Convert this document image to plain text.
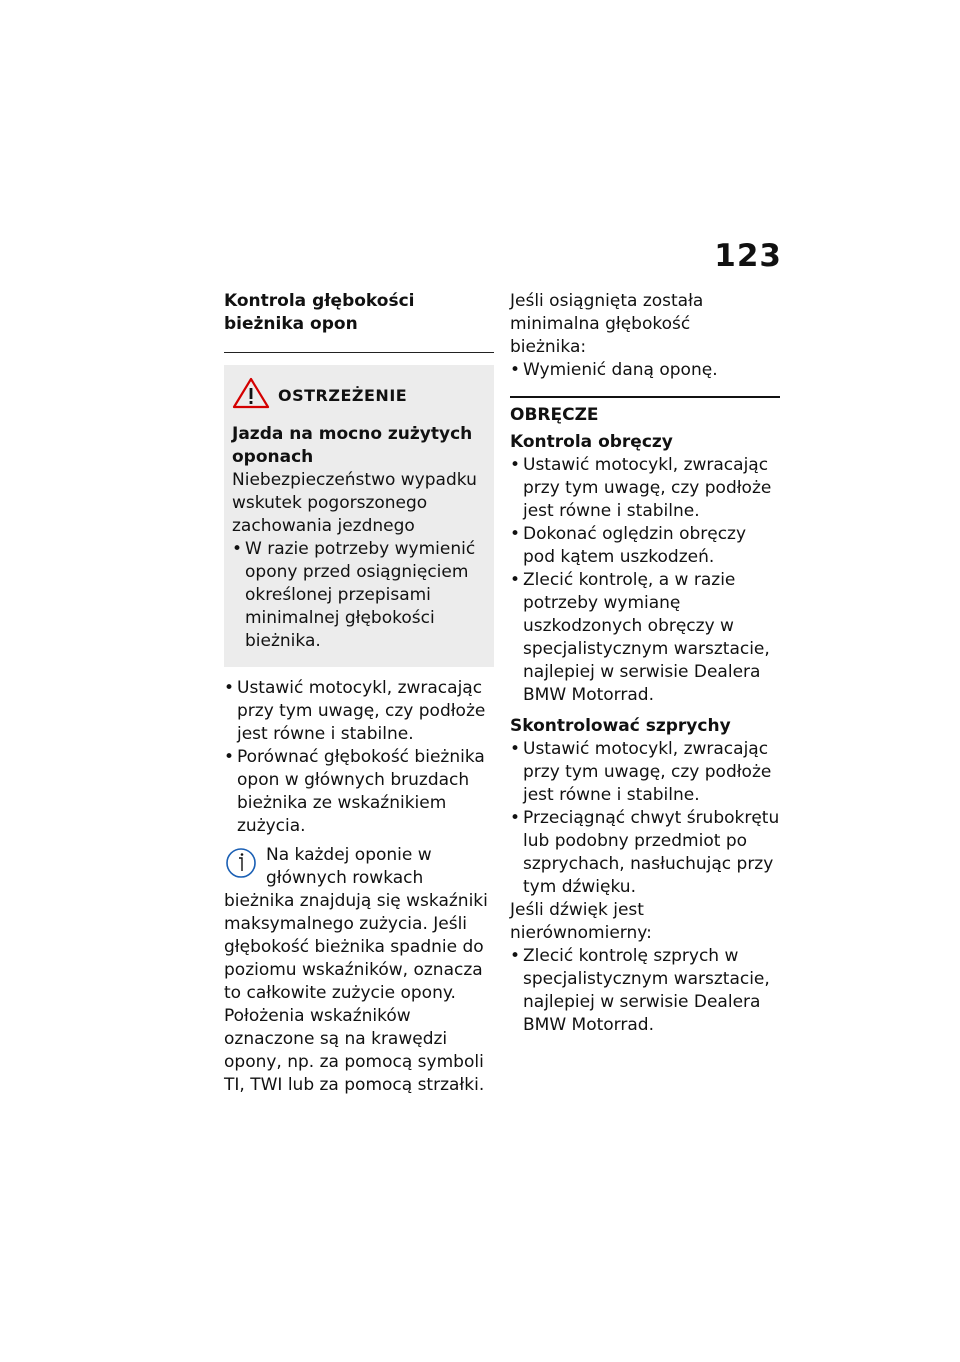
123
Kontrola głębokości bieżnika opon
OSTRZEŻENIE
Jazda na mocno zużytych oponach
Niebezpieczeństwo wypadku wskutek pogorszonego zachowania jezdnego
• W razie potrzeby wymienić opony przed osiągnięciem określonej przepisami minimalnej głębokości bieżnika.
• Ustawić motocykl, zwracając przy tym uwagę, czy podłoże jest równe i stabilne.
• Porównać głębokość bieżnika opon w głównych bruzdach bieżnika ze wskaźnikiem zużycia.
Na każdej oponie w głównych rowkach bieżnika znajdują się wskaźniki maksymalnego zużycia. Jeśli głębokość bieżnika spadnie do poziomu wskaźników, oznacza to całkowite zużycie opony. Położenia wskaźników oznaczone są na krawędzi opony, np. za pomocą symboli TI, TWI lub za pomocą strzałki.
Jeśli osiągnięta została minimalna głębokość bieżnika:
• Wymienić daną oponę.
OBRĘCZE
Kontrola obręczy
• Ustawić motocykl, zwracając przy tym uwagę, czy podłoże jest równe i stabilne.
• Dokonać oględzin obręczy pod kątem uszkodzeń.
• Zlecić kontrolę, a w razie potrzeby wymianę uszkodzonych obręczy w specjalistycznym warsztacie, najlepiej w serwisie Dealera BMW Motorrad.
Skontrolować szprychy
• Ustawić motocykl, zwracając przy tym uwagę, czy podłoże jest równe i stabilne.
• Przeciągnąć chwyt śrubokrętu lub podobny przedmiot po szprychach, nasłuchując przy tym dźwięku.
Jeśli dźwięk jest nierównomierny:
• Zlecić kontrolę szprych w specjalistycznym warsztacie, najlepiej w serwisie Dealera BMW Motorrad.
